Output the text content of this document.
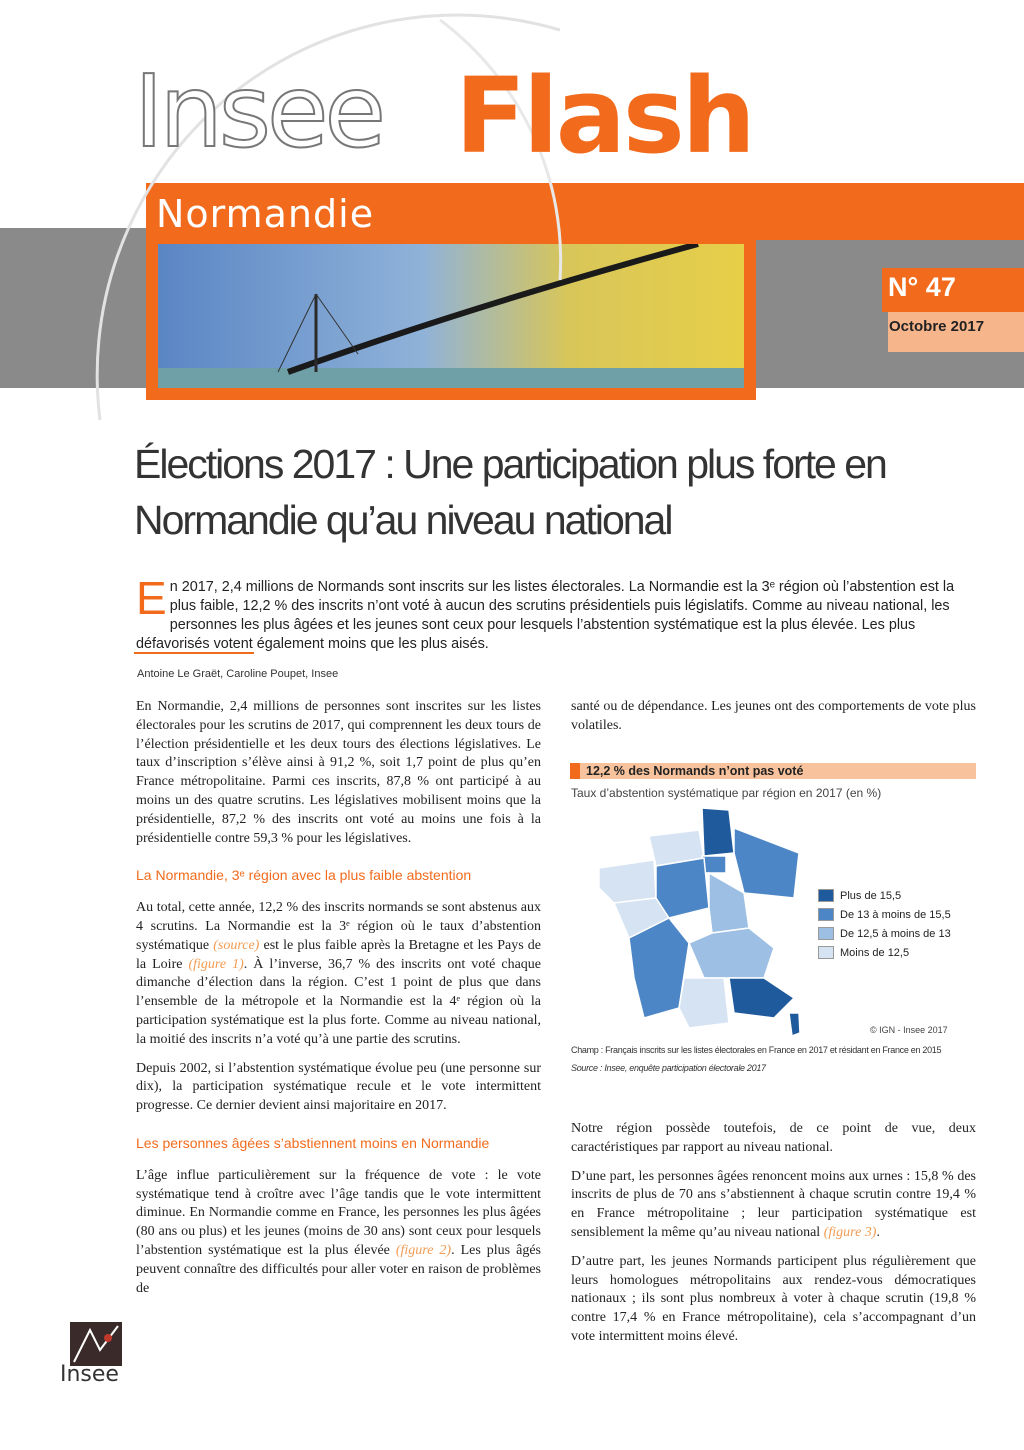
Insee Flash
Normandie
N° 47
Octobre 2017
Élections 2017 : Une participation plus forte en
Normandie qu’au niveau national
En 2017, 2,4 millions de Normands sont inscrits sur les listes électorales. La Normandie est la 3ᵉ région où l’abstention est la plus faible, 12,2 % des inscrits n’ont voté à aucun des scrutins présidentiels puis législatifs. Comme au niveau national, les personnes les plus âgées et les jeunes sont ceux pour lesquels l’abstention systématique est la plus élevée. Les plus défavorisés votent également moins que les plus aisés.
Antoine Le Graët, Caroline Poupet, Insee

En Normandie, 2,4 millions de personnes sont inscrites sur les listes électorales pour les scrutins de 2017, qui comprennent les deux tours de l’élection présidentielle et les deux tours des élections législatives. Le taux d’inscription s’élève ainsi à 91,2 %, soit 1,7 point de plus qu’en France métropolitaine. Parmi ces inscrits, 87,8 % ont participé à au moins un des quatre scrutins. Les législatives mobilisent moins que la présidentielle, 87,2 % des inscrits ont voté au moins une fois à la présidentielle contre 59,3 % pour les législatives.

La Normandie, 3ᵉ région avec la plus faible abstention

Au total, cette année, 12,2 % des inscrits normands se sont abstenus aux 4 scrutins. La Normandie est la 3ᵉ région où le taux d’abstention systématique (source) est le plus faible après la Bretagne et les Pays de la Loire (figure 1). À l’inverse, 36,7 % des inscrits ont voté chaque dimanche d’élection dans la région. C’est 1 point de plus que dans l’ensemble de la métropole et la Normandie est la 4ᵉ région où la participation systématique est la plus forte. Comme au niveau national, la moitié des inscrits n’a voté qu’à une partie des scrutins.

Depuis 2002, si l’abstention systématique évolue peu (une personne sur dix), la participation systématique recule et le vote intermittent progresse. Ce dernier devient ainsi majoritaire en 2017.

Les personnes âgées s’abstiennent moins en Normandie

L’âge influe particulièrement sur la fréquence de vote : le vote systématique tend à croître avec l’âge tandis que le vote intermittent diminue. En Normandie comme en France, les personnes les plus âgées (80 ans ou plus) et les jeunes (moins de 30 ans) sont ceux pour lesquels l’abstention systématique est la plus élevée (figure 2). Les plus âgés peuvent connaître des difficultés pour aller voter en raison de problèmes de

santé ou de dépendance. Les jeunes ont des comportements de vote plus volatiles.

12,2 % des Normands n’ont pas voté
Taux d’abstention systématique par région en 2017 (en %)
Plus de 15,5
De 13 à moins de 15,5
De 12,5 à moins de 13
Moins de 12,5
© IGN - Insee 2017
Champ : Français inscrits sur les listes électorales en France en 2017 et résidant en France en 2015
Source : Insee, enquête participation électorale 2017

Notre région possède toutefois, de ce point de vue, deux caractéristiques par rapport au niveau national.

D’une part, les personnes âgées renoncent moins aux urnes : 15,8 % des inscrits de plus de 70 ans s’abstiennent à chaque scrutin contre 19,4 % en France métropolitaine ; leur participation systématique est sensiblement la même qu’au niveau national (figure 3).

D’autre part, les jeunes Normands participent plus régulièrement que leurs homologues métropolitains aux rendez-vous démocratiques nationaux ; ils sont plus nombreux à voter à chaque scrutin (19,8 % contre 17,4 % en France métropolitaine), cela s’accompagnant d’un vote intermittent moins élevé.

Insee
